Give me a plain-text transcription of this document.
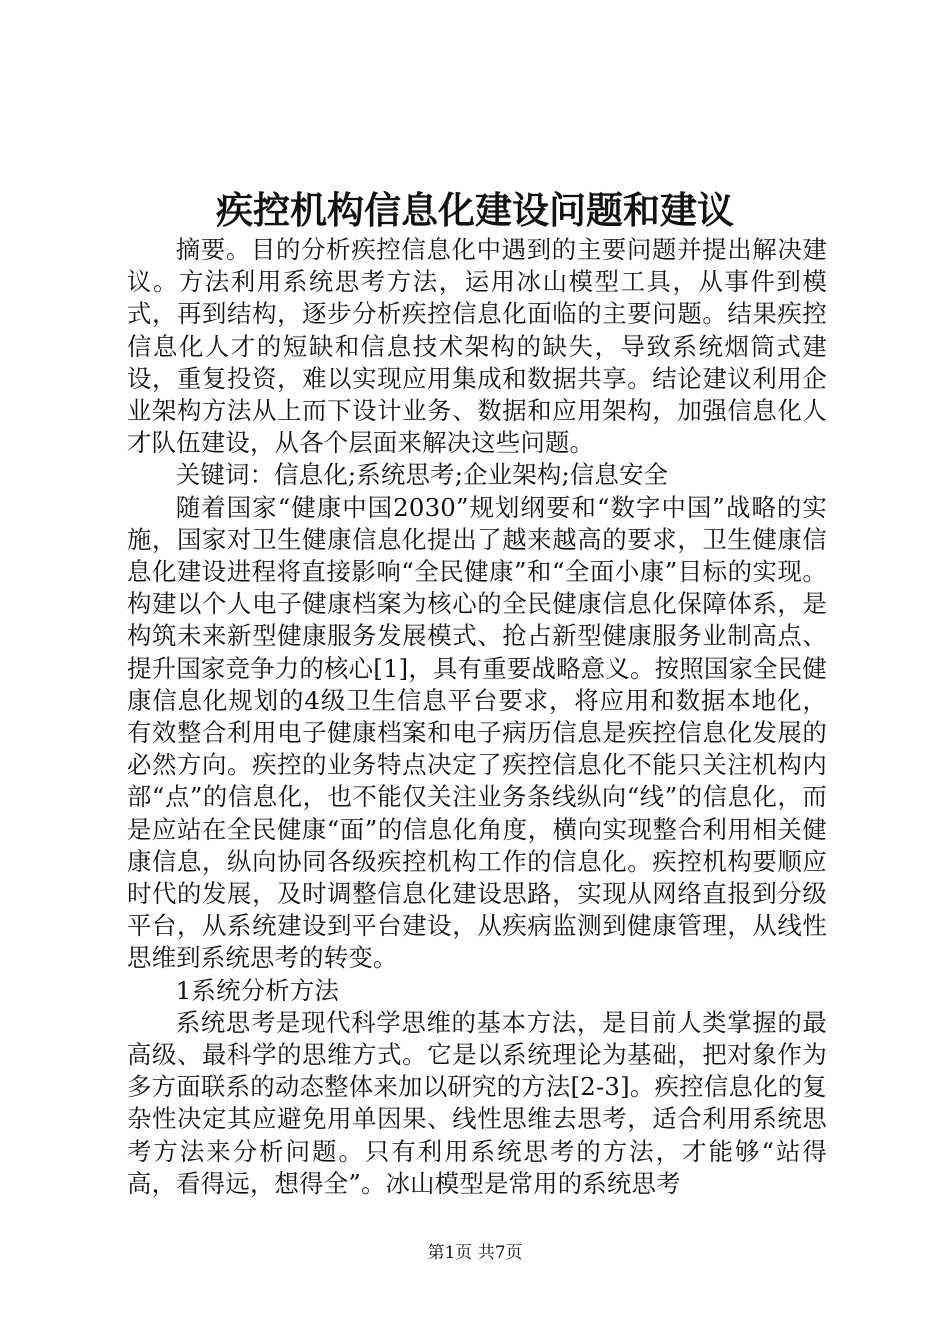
疾控机构信息化建设问题和建议

摘要。目的分析疾控信息化中遇到的主要问题并提出解决建议。方法利用系统思考方法，运用冰山模型工具，从事件到模式，再到结构，逐步分析疾控信息化面临的主要问题。结果疾控信息化人才的短缺和信息技术架构的缺失，导致系统烟筒式建设，重复投资，难以实现应用集成和数据共享。结论建议利用企业架构方法从上而下设计业务、数据和应用架构，加强信息化人才队伍建设，从各个层面来解决这些问题。

关键词：信息化;系统思考;企业架构;信息安全

随着国家“健康中国2030”规划纲要和“数字中国”战略的实施，国家对卫生健康信息化提出了越来越高的要求，卫生健康信息化建设进程将直接影响“全民健康”和“全面小康”目标的实现。构建以个人电子健康档案为核心的全民健康信息化保障体系，是构筑未来新型健康服务发展模式、抢占新型健康服务业制高点、提升国家竞争力的核心[1]，具有重要战略意义。按照国家全民健康信息化规划的4级卫生信息平台要求，将应用和数据本地化，有效整合利用电子健康档案和电子病历信息是疾控信息化发展的必然方向。疾控的业务特点决定了疾控信息化不能只关注机构内部“点”的信息化，也不能仅关注业务条线纵向“线”的信息化，而是应站在全民健康“面”的信息化角度，横向实现整合利用相关健康信息，纵向协同各级疾控机构工作的信息化。疾控机构要顺应时代的发展，及时调整信息化建设思路，实现从网络直报到分级平台，从系统建设到平台建设，从疾病监测到健康管理，从线性思维到系统思考的转变。

1系统分析方法

系统思考是现代科学思维的基本方法，是目前人类掌握的最高级、最科学的思维方式。它是以系统理论为基础，把对象作为多方面联系的动态整体来加以研究的方法[2-3]。疾控信息化的复杂性决定其应避免用单因果、线性思维去思考，适合利用系统思考方法来分析问题。只有利用系统思考的方法，才能够“站得高，看得远，想得全”。冰山模型是常用的系统思考

第1页 共7页
